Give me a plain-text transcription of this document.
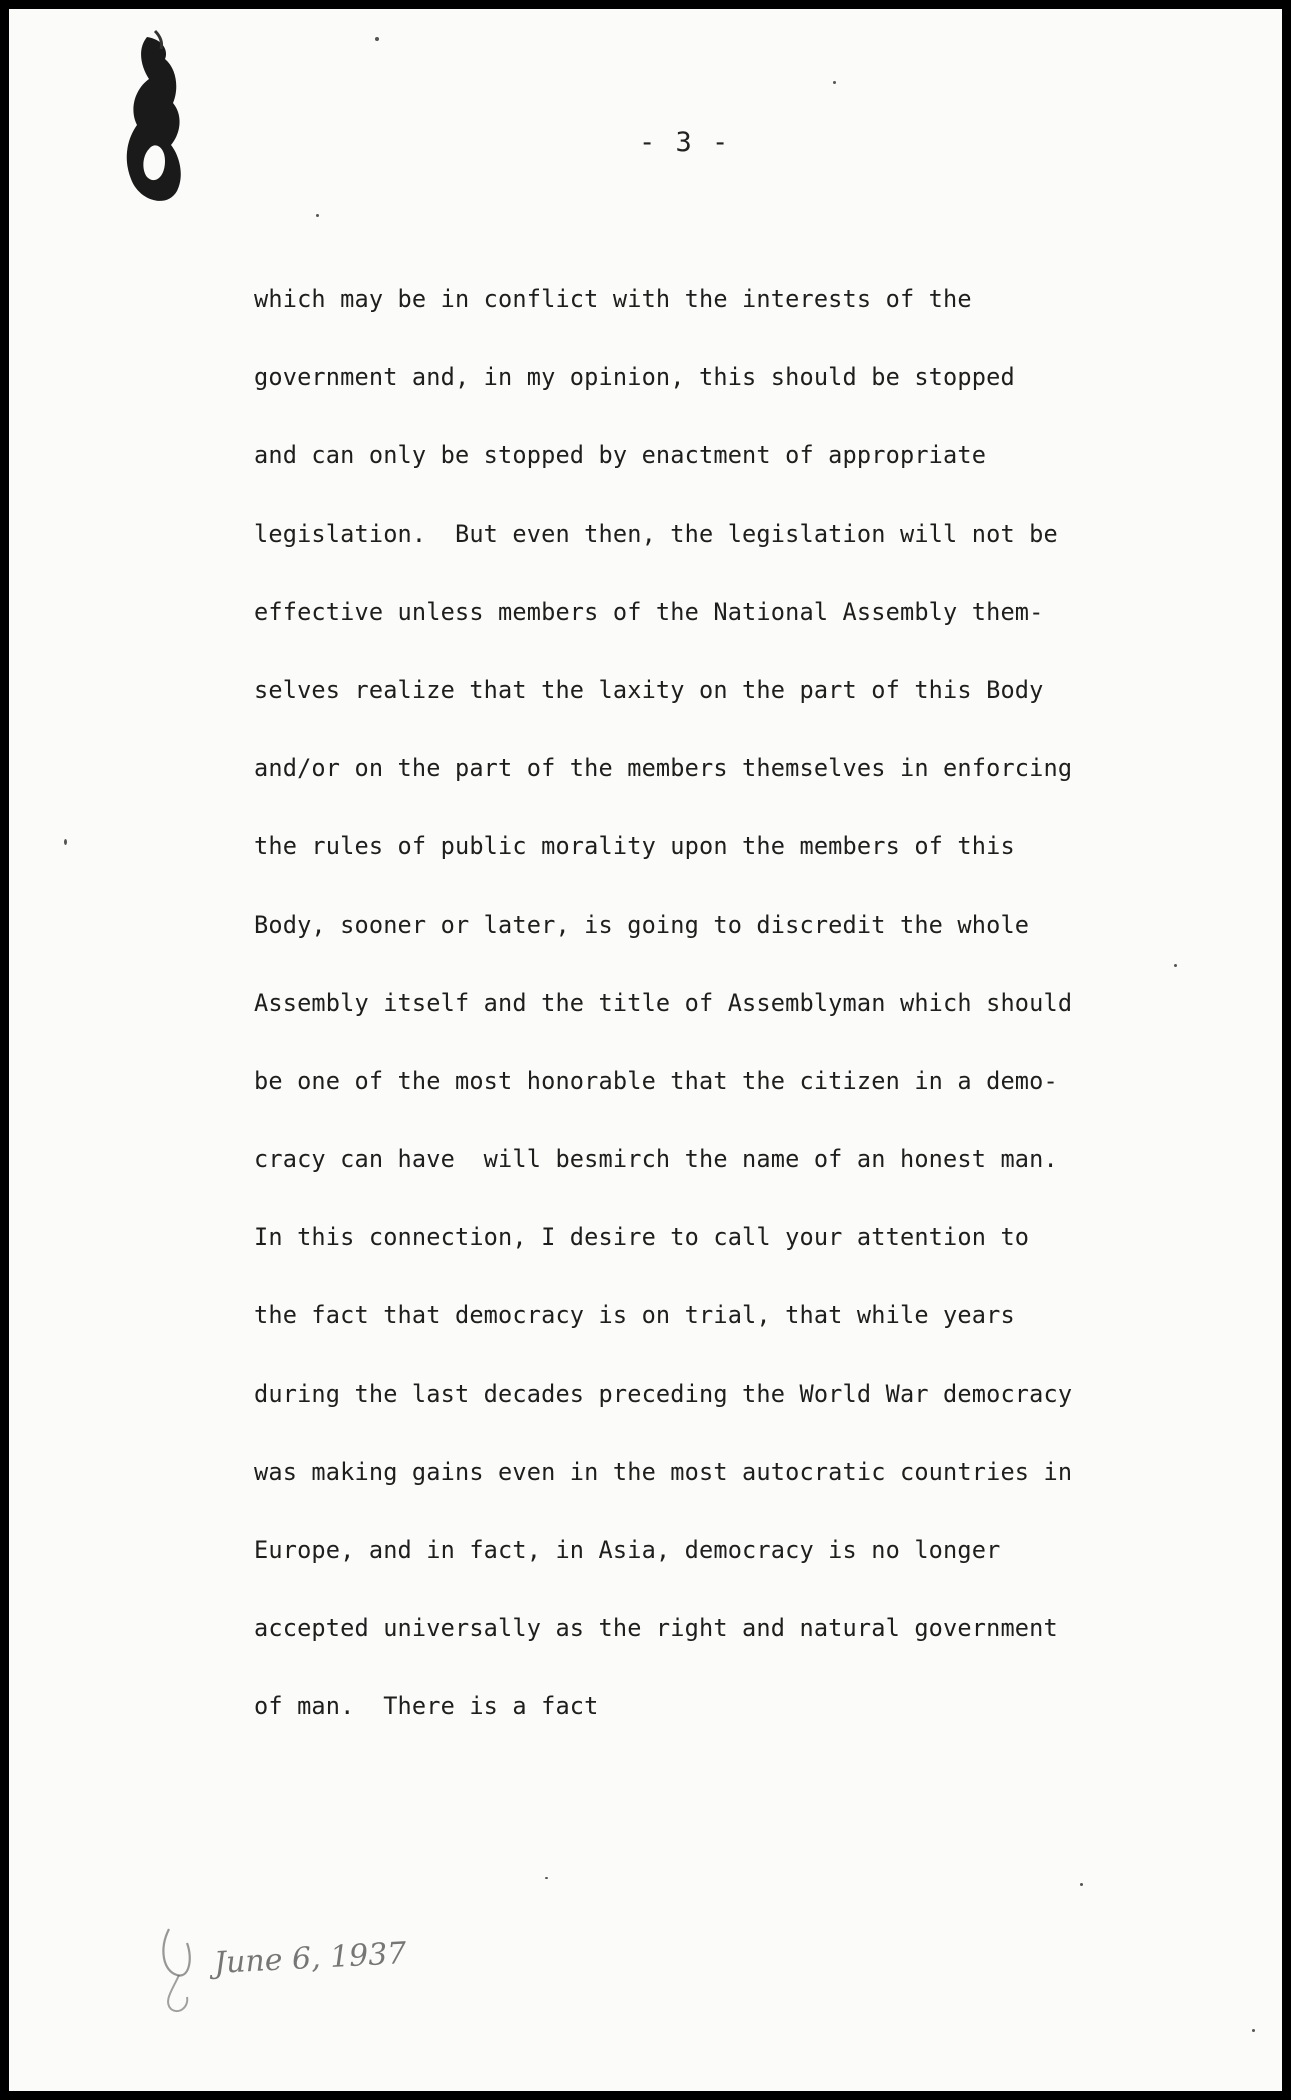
- 3 -
which may be in conflict with the interests of the
government and, in my opinion, this should be stopped
and can only be stopped by enactment of appropriate
legislation.  But even then, the legislation will not be
effective unless members of the National Assembly them-
selves realize that the laxity on the part of this Body
and/or on the part of the members themselves in enforcing
the rules of public morality upon the members of this
Body, sooner or later, is going to discredit the whole
Assembly itself and the title of Assemblyman which should
be one of the most honorable that the citizen in a demo-
cracy can have  will besmirch the name of an honest man.
In this connection, I desire to call your attention to
the fact that democracy is on trial, that while years
during the last decades preceding the World War democracy
was making gains even in the most autocratic countries in
Europe, and in fact, in Asia, democracy is no longer
accepted universally as the right and natural government
of man.  There is a fact
June 6, 1937
